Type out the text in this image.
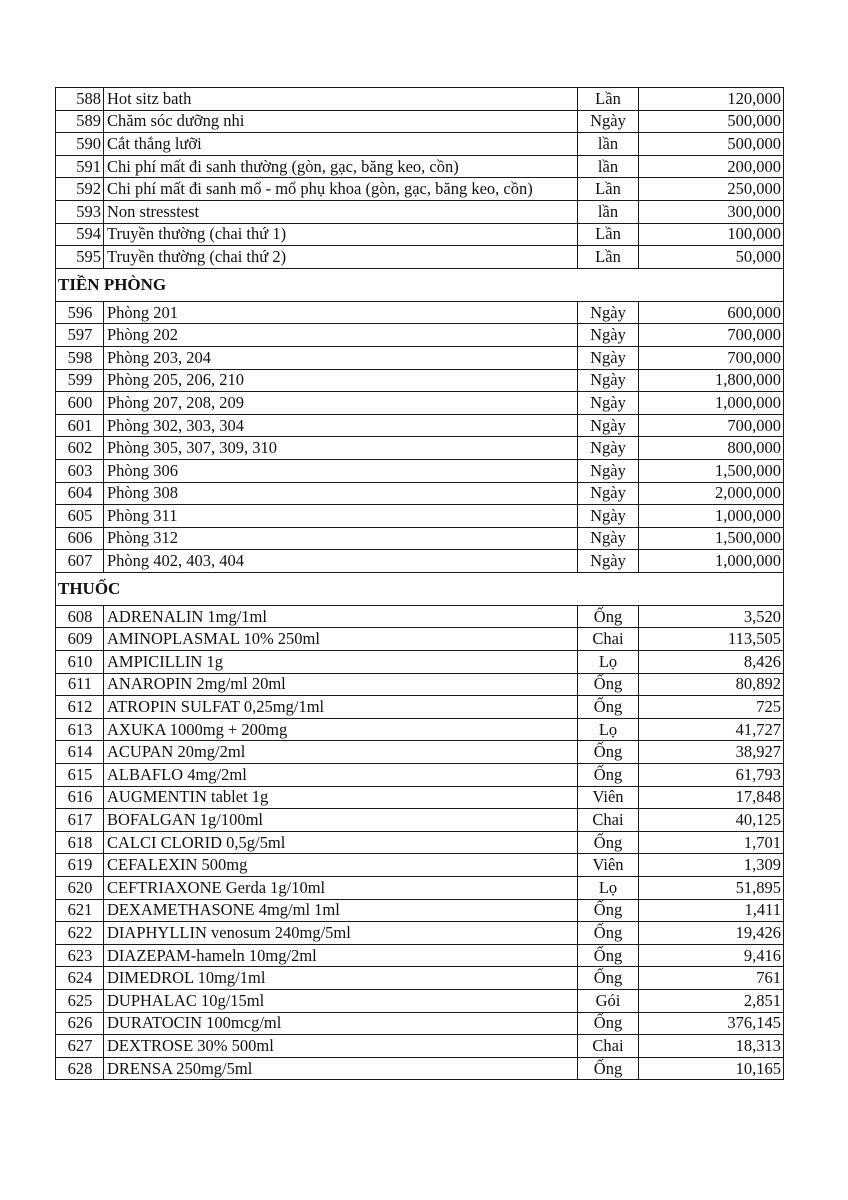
588	Hot sitz bath	Lần	120,000
589	Chăm sóc dưỡng nhi	Ngày	500,000
590	Cắt thắng lưỡi	lần	500,000
591	Chi phí mất đi sanh thường (gòn, gạc, băng keo, cồn)	lần	200,000
592	Chi phí mất đi sanh mổ - mổ phụ khoa (gòn, gạc, băng keo, cồn)	Lần	250,000
593	Non stresstest	lần	300,000
594	Truyền thường (chai thứ 1)	Lần	100,000
595	Truyền thường (chai thứ 2)	Lần	50,000
TIỀN PHÒNG			
596	Phòng 201	Ngày	600,000
597	Phòng 202	Ngày	700,000
598	Phòng 203, 204	Ngày	700,000
599	Phòng 205, 206, 210	Ngày	1,800,000
600	Phòng 207, 208, 209	Ngày	1,000,000
601	Phòng 302, 303, 304	Ngày	700,000
602	Phòng 305, 307, 309, 310	Ngày	800,000
603	Phòng 306	Ngày	1,500,000
604	Phòng 308	Ngày	2,000,000
605	Phòng 311	Ngày	1,000,000
606	Phòng 312	Ngày	1,500,000
607	Phòng 402, 403, 404	Ngày	1,000,000
THUỐC			
608	ADRENALIN 1mg/1ml	Ống	3,520
609	AMINOPLASMAL 10% 250ml	Chai	113,505
610	AMPICILLIN 1g	Lọ	8,426
611	ANAROPIN 2mg/ml 20ml	Ống	80,892
612	ATROPIN SULFAT 0,25mg/1ml	Ống	725
613	AXUKA 1000mg + 200mg	Lọ	41,727
614	ACUPAN 20mg/2ml	Ống	38,927
615	ALBAFLO 4mg/2ml	Ống	61,793
616	AUGMENTIN tablet 1g	Viên	17,848
617	BOFALGAN 1g/100ml	Chai	40,125
618	CALCI CLORID 0,5g/5ml	Ống	1,701
619	CEFALEXIN 500mg	Viên	1,309
620	CEFTRIAXONE Gerda 1g/10ml	Lọ	51,895
621	DEXAMETHASONE 4mg/ml 1ml	Ống	1,411
622	DIAPHYLLIN venosum 240mg/5ml	Ống	19,426
623	DIAZEPAM-hameln 10mg/2ml	Ống	9,416
624	DIMEDROL 10mg/1ml	Ống	761
625	DUPHALAC 10g/15ml	Gói	2,851
626	DURATOCIN 100mcg/ml	Ống	376,145
627	DEXTROSE 30% 500ml	Chai	18,313
628	DRENSA 250mg/5ml	Ống	10,165
